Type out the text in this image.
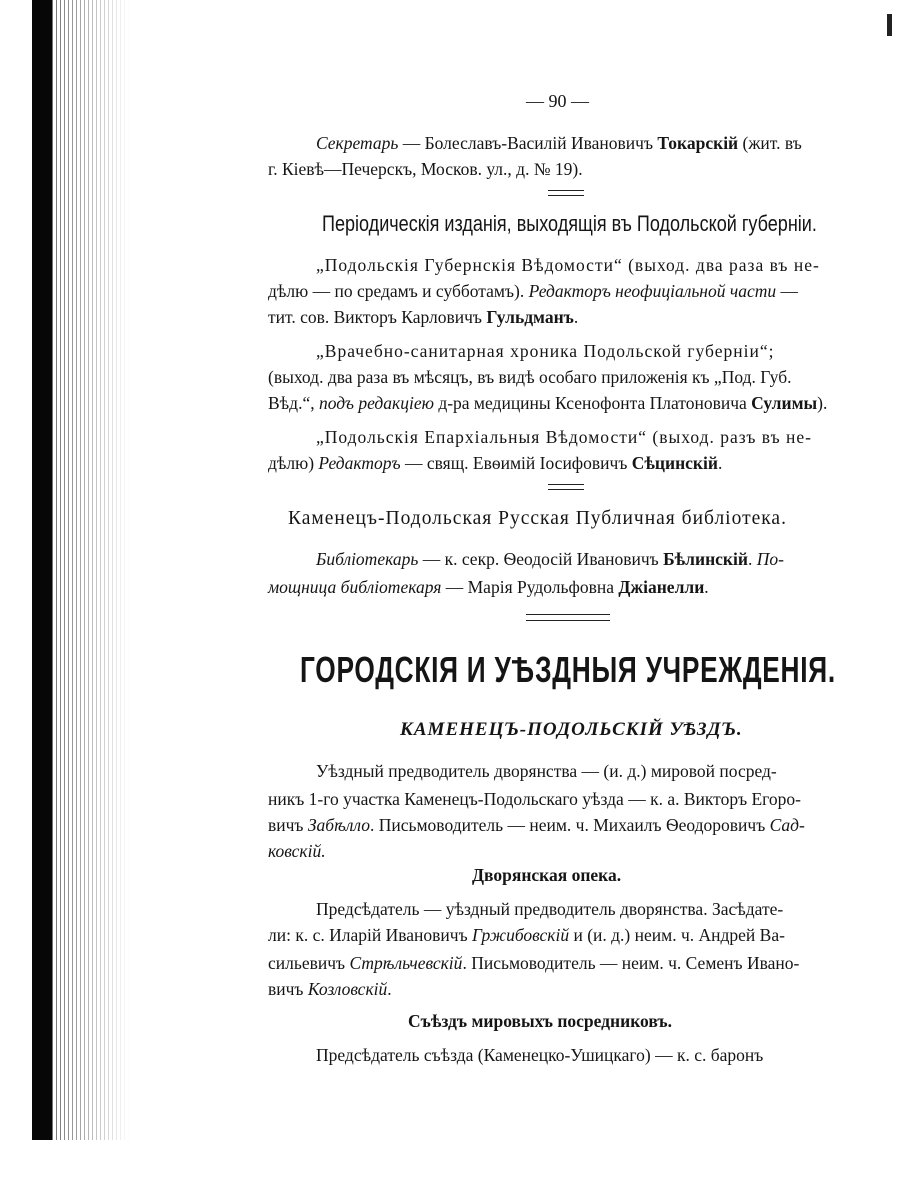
— 90 —
Секретарь — Болеславъ-Василій Ивановичъ Токарскій (жит. въ
г. Кіевѣ—Печерскъ, Москов. ул., д. № 19).
Періодическія изданія, выходящія въ Подольской губерніи.
„Подольскія Губернскія Вѣдомости“ (выход. два раза въ не-
дѣлю — по средамъ и субботамъ). Редакторъ неофиціальной части —
тит. сов. Викторъ Карловичъ Гульдманъ.
„Врачебно-санитарная хроника Подольской губерніи“;
(выход. два раза въ мѣсяцъ, въ видѣ особаго приложенія къ „Под. Губ.
Вѣд.“, подъ редакціею д-ра медицины Ксенофонта Платоновича Сулимы).
„Подольскія Епархіальныя Вѣдомости“ (выход. разъ въ не-
дѣлю) Редакторъ — свящ. Евѳимій Іосифовичъ Сѣцинскій.
Каменецъ-Подольская Русская Публичная библіотека.
Библіотекарь — к. секр. Ѳеодосій Ивановичъ Бѣлинскій. По-
мощница библіотекаря — Марія Рудольфовна Джіанелли.
ГОРОДСКІЯ И УѢЗДНЫЯ УЧРЕЖДЕНІЯ.
КАМЕНЕЦЪ-ПОДОЛЬСКІЙ УѢЗДЪ.
Уѣздный предводитель дворянства — (и. д.) мировой посред-
никъ 1-го участка Каменецъ-Подольскаго уѣзда — к. а. Викторъ Егоро-
вичъ Забѣлло. Письмоводитель — неим. ч. Михаилъ Ѳеодоровичъ Сад-
ковскій.
Дворянская опека.
Предсѣдатель — уѣздный предводитель дворянства. Засѣдате-
ли: к. с. Иларій Ивановичъ Гржибовскій и (и. д.) неим. ч. Андрей Ва-
сильевичъ Стрѣльчевскій. Письмоводитель — неим. ч. Семенъ Ивано-
вичъ Козловскій.
Съѣздъ мировыхъ посредниковъ.
Предсѣдатель съѣзда (Каменецко-Ушицкаго) — к. с. баронъ
